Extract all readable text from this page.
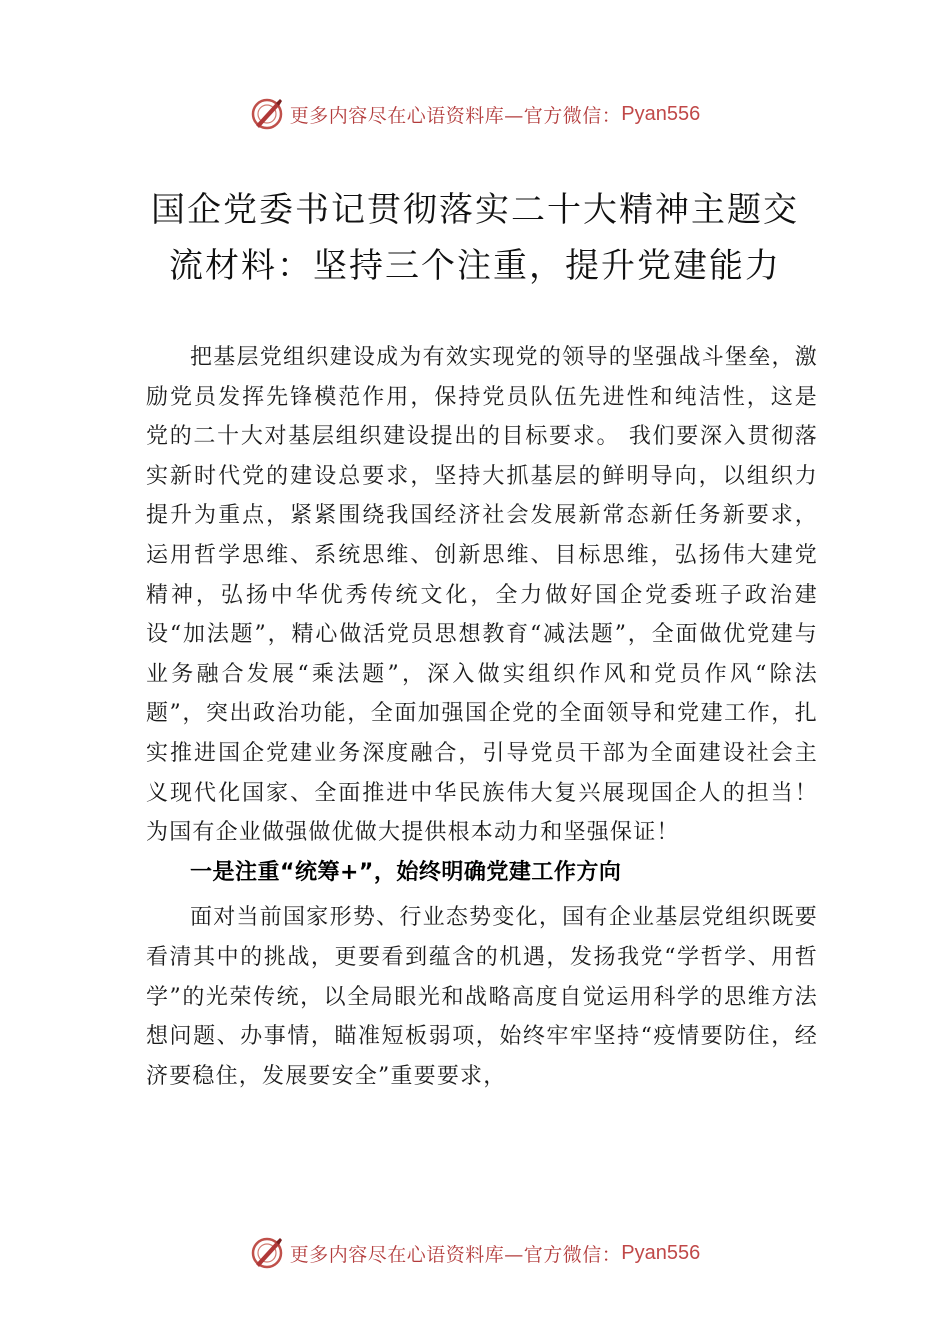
更多内容尽在心语资料库—官方微信： Pyan556
国企党委书记贯彻落实二十大精神主题交
流材料：坚持三个注重，提升党建能力

把基层党组织建设成为有效实现党的领导的坚强战斗堡垒，激励党员发挥先锋模范作用，保持党员队伍先进性和纯洁性，这是党的二十大对基层组织建设提出的目标要求。 我们要深入贯彻落实新时代党的建设总要求，坚持大抓基层的鲜明导向，以组织力提升为重点，紧紧围绕我国经济社会发展新常态新任务新要求，运用哲学思维、系统思维、创新思维、目标思维，弘扬伟大建党精神，弘扬中华优秀传统文化，全力做好国企党委班子政治建设“加法题”，精心做活党员思想教育“减法题”，全面做优党建与业务融合发展“乘法题”，深入做实组织作风和党员作风“除法题”，突出政治功能，全面加强国企党的全面领导和党建工作，扎实推进国企党建业务深度融合，引导党员干部为全面建设社会主义现代化国家、全面推进中华民族伟大复兴展现国企人的担当！为国有企业做强做优做大提供根本动力和坚强保证！

一是注重“统筹+”，始终明确党建工作方向

面对当前国家形势、行业态势变化，国有企业基层党组织既要看清其中的挑战，更要看到蕴含的机遇，发扬我党“学哲学、用哲学”的光荣传统，以全局眼光和战略高度自觉运用科学的思维方法想问题、办事情，瞄准短板弱项，始终牢牢坚持“疫情要防住，经济要稳住，发展要安全”重要要求，

更多内容尽在心语资料库—官方微信： Pyan556
